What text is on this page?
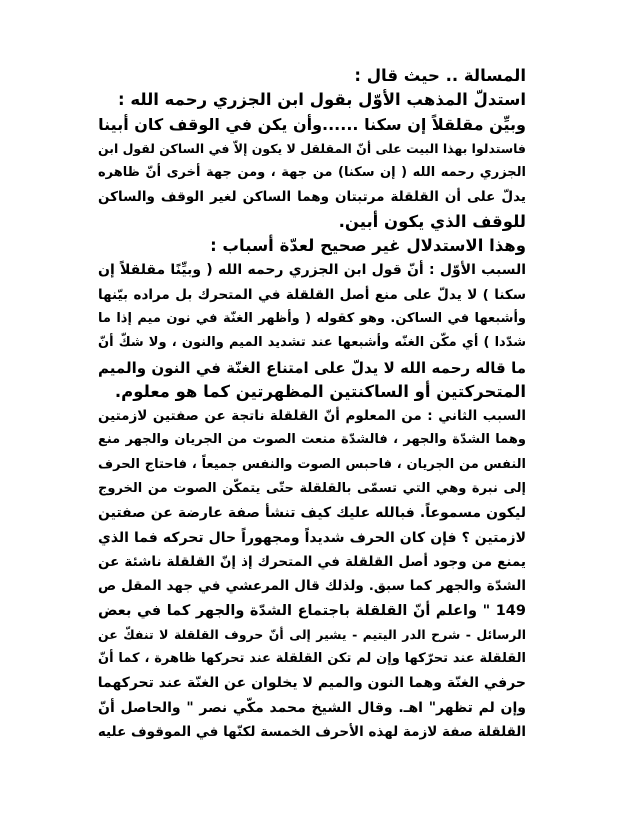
المسالة .. حيث قال :
استدلّ المذهب الأوّل بقول ابن الجزري رحمه الله :
وبيِّن مقلقلاً إن سكنا ......وأن يكن في الوقف كان أبينا
فاستدلوا بهذا البيت على أنّ المقلقل لا يكون إلاّ في الساكن لقول ابن
الجزري رحمه الله ( إن سكنا) من جهة ، ومن جهة أخرى أنّ ظاهره
يدلّ على أن القلقلة مرتبتان وهما الساكن لغير الوقف والساكن
للوقف الذي يكون أبين.
وهذا الاستدلال غير صحيح لعدّة أسباب :
السبب الأوّل : أنّ قول ابن الجزري رحمه الله ( وبيِّنًا مقلقلاً إن
سكنا ) لا يدلّ على منع أصل القلقلة في المتحرك بل مراده بيّنها
وأشبعها في الساكن. وهو كقوله ( وأظهر الغنّة في نون ميم إذا ما
شدّدا ) أي مكّن الغنّه وأشبعها عند تشديد الميم والنون ، ولا شكّ أنّ
ما قاله رحمه الله لا يدلّ على امتناع الغنّة في النون والميم
المتحركتين أو الساكنتين المظهرتين كما هو معلوم.
السبب الثاني : من المعلوم أنّ القلقلة ناتجة عن صفتين لازمتين
وهما الشدّة والجهر ، فالشدّة منعت الصوت من الجريان والجهر منع
النفس من الجريان ، فاحبس الصوت والنفس جميعاً ، فاحتاج الحرف
إلى نبرة وهي التي تسمّى بالقلقلة حتّى يتمكّن الصوت من الخروج
ليكون مسموعاً. فبالله عليك كيف تنشأ صفة عارضة عن صفتين
لازمتين ؟ فإن كان الحرف شديداً ومجهوراً حال تحركه فما الذي
يمنع من وجود أصل القلقلة في المتحرك إذ إنّ القلقلة ناشئة عن
الشدّة والجهر كما سبق. ولذلك قال المرعشي في جهد المقل ص
149 " واعلم أنّ القلقلة باجتماع الشدّة والجهر كما في بعض
الرسائل - شرح الدر اليتيم - يشير إلى أنّ حروف القلقلة لا تنفكّ عن
القلقلة عند تحرّكها وإن لم تكن القلقلة عند تحركها ظاهرة ، كما أنّ
حرفي الغنّة وهما النون والميم لا يخلوان عن الغنّة عند تحركهما
وإن لم تظهر" اهـ. وقال الشيخ محمد مكّي نصر " والحاصل أنّ
القلقلة صفة لازمة لهذه الأحرف الخمسة لكنّها في الموقوف عليه
